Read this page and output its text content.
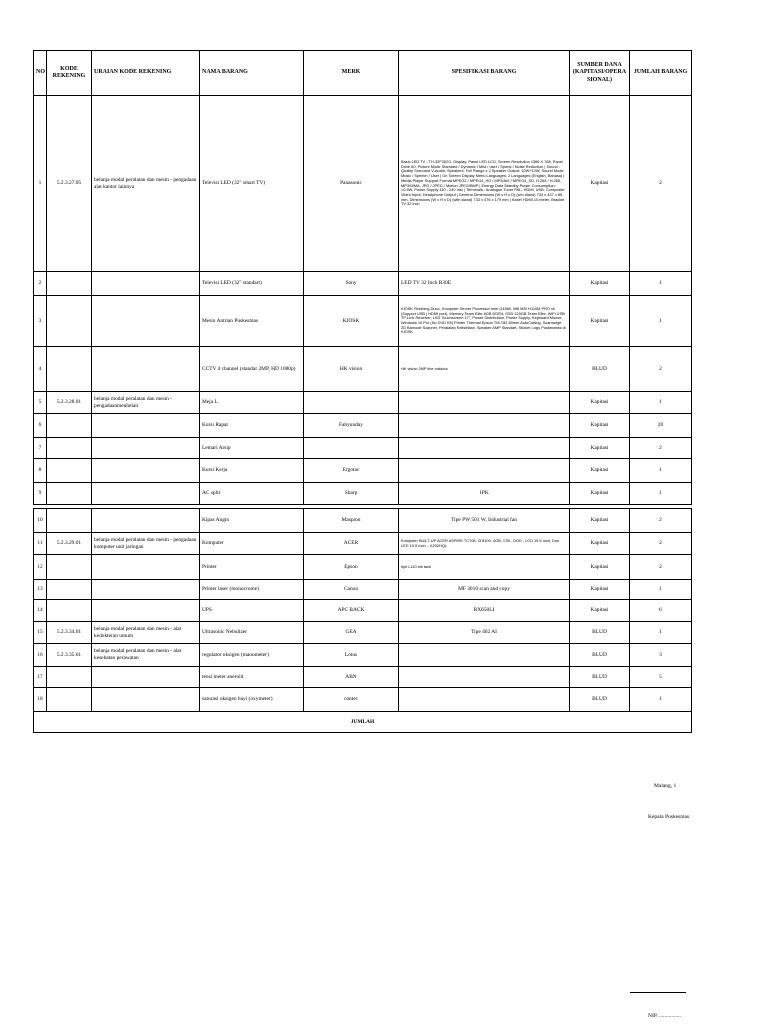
NO	KODE REKENING	URAIAN KODE REKENING	NAMA BARANG	MERK	SPESIFIKASI BARANG	SUMBER DANA (KAPITASI/OPERA SIONAL)	JUMLAH BARANG
1	5.2.3.27.05	belanja modal peralatan dan mesin - pengadaan alat kantor lainnya	Televisi LED (32" smart TV)	Panasonic	Basic LED TV - TH-32F302G, Display: Panel LED LCD, Screen Resolution 1366 X 768, Panel Drive 60, Picture Mode Standard / Dynamic / Mild / user / Sports / Noise Reduction | Sound : Quality Surround V-Audio, Speakers: Full Range x 2 Speaker Output: 10W+10W, Sound Mode Music / Speech / User | On Screen Display Menu Languages: 2 Languages (English, Bahasa) | Media Player Support Format MPEG2 / MPEG4_HD / MP3/AVI / MPEG4_SD, H.264 / H.265, MP3/WMA, JPG / JPEG / Motion JPEG/BMP | Energy Data Standby Power Consumption: <0.5W, Power Supply 110 - 240 Vac | Terminals : Analogue Tuner PAL, HDMI, USB, Composite Video Input, Headphone Output | General Dimensions (W x H x D) (w/o stand) 733 x 437 x 85 mm, Dimensions (W x H x D) (with stand) 733 x 476 x 179 mm | Kabel HDMI 10 meter, Bracket TV 32 inch	Kapitasi	2
2			Televisi LED (32" standart)	Sony	LED TV 32 Inch R30E	Kapitasi	1
3			Mesin Antrian Puskesmas	KIOSK	KIOSK Finishing Duco, Komputer Server Processor Intel G4560, MB MSI H110M PRO vh (Support USB | HDMI port), Memory Team Elite 8GB DDR4, SSD 120GB Team Elite, WiFi USB TP-Link Receiver, LED Touchscreen 17", Power Distribution, Power Supply, Keyboard Mouse, Windows 10 Pro (No DVD Kit) Printer Thermal Epson TM-T82 80mm AutoCutting, Scanbarge 2D Barcode Scanner, Peralatan Kelistrikan, Speaker AMP Standart, Sticker Logo Puskesmas di KIOSK	Kapitasi	1
4			CCTV 4 channel (standar 2MP, HD 1080p)	HK vision	HK vision 2MP line outdoor	BLUD	2
5	5.2.3.28.01	belanja modal peralatan dan mesin - pengadaanmeubelair	Meja L			Kapitasi	1
6			Kursi Rapat	Fabyunday		Kapitasi	20
7			Lemari Arsip			Kapitasi	2
8			Kursi Kerja	Ergotac		Kapitasi	1
9			AC split	Sharp	1PK	Kapitasi	1
10			Kipas Angin	Maspion	Tipe PW 501 W, Industrial fan	Kapitasi	2
11	5.2.3.29.01	belanja modal peralatan dan mesin - pengadaan komputer unit jaringan	Komputer	ACER	Komputer BUILT-UP ACER ASPIRE TC708, I3 8100, 4GB, 1TB , DOD , LCD 19.5 Inch, Dos LED 19.5 Inch – K202HQL	Kapitasi	2
12			Printer	Epson	tipe L110 ink tank	Kapitasi	2
13			Printer laser (monocrome)	Canon	MF 3010 scan and copy	Kapitasi	1
14			UPS	APC BACK	BX650LI	Kapitasi	6
15	5.2.3.34.01	belanja modal peralatan dan mesin - alat kedokteran umum	Ultrasonic Nebulizer	GEA	Tipe 402 AI	BLUD	1
16	5.2.3.35.01	belanja modal peralatan dan mesin - alat kesehatan perawatan	regulator oksigen (manometer)	Lotus		BLUD	3
17			tensi meter aneroid	ABN		BLUD	5
18			saturasi oksigen bayi (oxymeter)	contec		BLUD	1
JUMLAH							
Malang, 1
Kepala Puskesmas
NIP. ................
